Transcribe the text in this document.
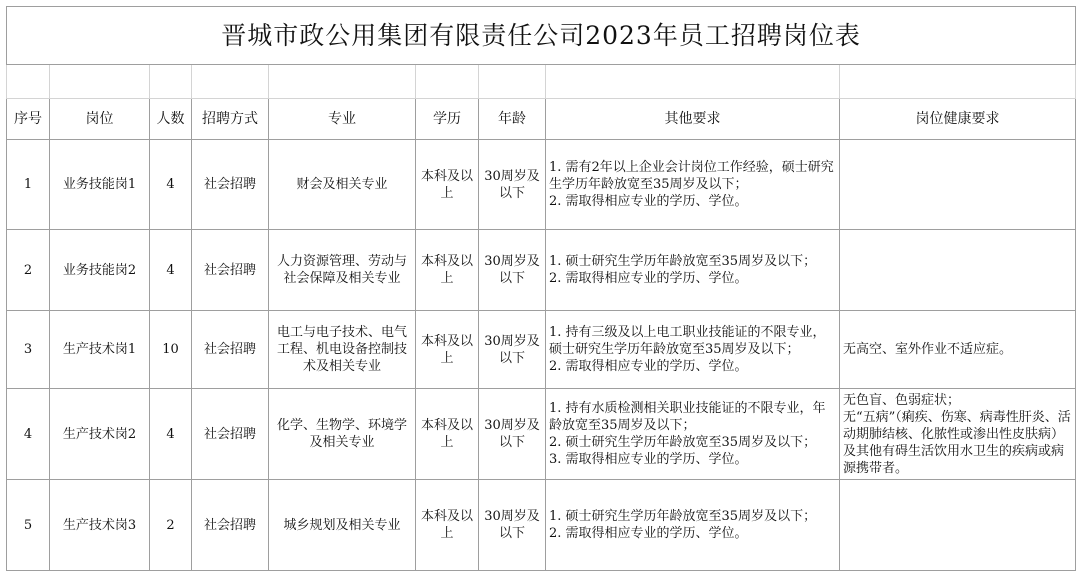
晋城市政公用集团有限责任公司2023年员工招聘岗位表								

序号	岗位	人数	招聘方式	专业	学历	年龄	其他要求	岗位健康要求
1	业务技能岗1	4	社会招聘	财会及相关专业	本科及以上	30周岁及以下	1. 需有2年以上企业会计岗位工作经验，硕士研究生学历年龄放宽至35周岁及以下；
2. 需取得相应专业的学历、学位。	

2	业务技能岗2	4	社会招聘	人力资源管理、劳动与社会保障及相关专业	本科及以上	30周岁及以下	1. 硕士研究生学历年龄放宽至35周岁及以下；
2. 需取得相应专业的学历、学位。	

3	生产技术岗1	10	社会招聘	电工与电子技术、电气工程、机电设备控制技术及相关专业	本科及以上	30周岁及以下	1. 持有三级及以上电工职业技能证的不限专业，硕士研究生学历年龄放宽至35周岁及以下；
2. 需取得相应专业的学历、学位。	无高空、室外作业不适应症。
4	生产技术岗2	4	社会招聘	化学、生物学、环境学及相关专业	本科及以上	30周岁及以下	1. 持有水质检测相关职业技能证的不限专业，年龄放宽至35周岁及以下；
2. 硕士研究生学历年龄放宽至35周岁及以下；
3. 需取得相应专业的学历、学位。	无色盲、色弱症状；
无“五病”（痢疾、伤寒、病毒性肝炎、活动期肺结核、化脓性或渗出性皮肤病）及其他有碍生活饮用水卫生的疾病或病源携带者。

5	生产技术岗3	2	社会招聘	城乡规划及相关专业	本科及以上	30周岁及以下	1. 硕士研究生学历年龄放宽至35周岁及以下；
2. 需取得相应专业的学历、学位。	
